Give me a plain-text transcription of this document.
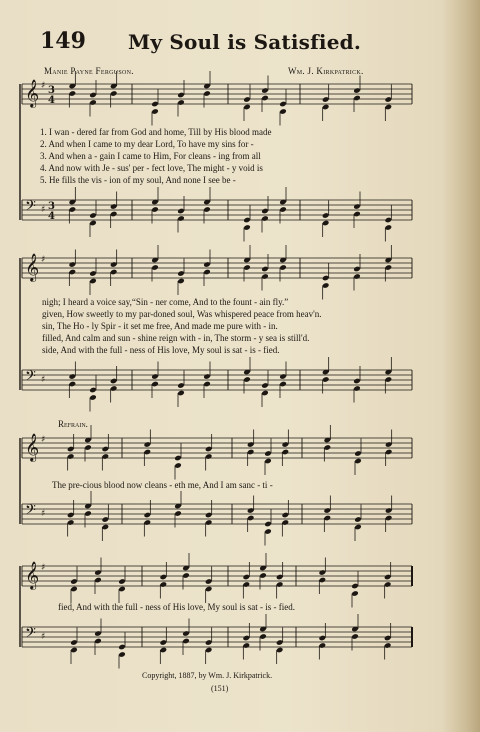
149 My Soul is Satisfied.
Manie Payne Ferguson.	Wm. J. Kirkpatrick.
𝄞 ♯ 3
4
𝄢 ♯ 3
4
𝄞 ♯
𝄢 ♯
𝄞 ♯
𝄢 ♯
𝄞 ♯
𝄢 ♯
1. I wan - dered far from God and home, Till by His blood made
2. And when I came to my dear Lord, To have my sins for -
3. And when a - gain I came to Him, For cleans - ing from all
4. And now with Je - sus' per - fect love, The might - y void is
5. He fills the vis - ion of my soul, And none I see be -
nigh; I heard a voice say,“Sin - ner come, And to the fount - ain fly.”
given, How sweetly to my par-doned soul, Was whispered peace from heav'n.
sin, The Ho - ly Spir - it set me free, And made me pure with - in.
filled, And calm and sun - shine reign with - in, The storm - y sea is still'd.
side, And with the full - ness of His love, My soul is sat - is - fied.
Refrain.
The pre-cious blood now cleans - eth me, And I am sanc - ti -
fied, And with the full - ness of His love, My soul is sat - is - fied.
Copyright, 1887, by Wm. J. Kirkpatrick.
(151)
